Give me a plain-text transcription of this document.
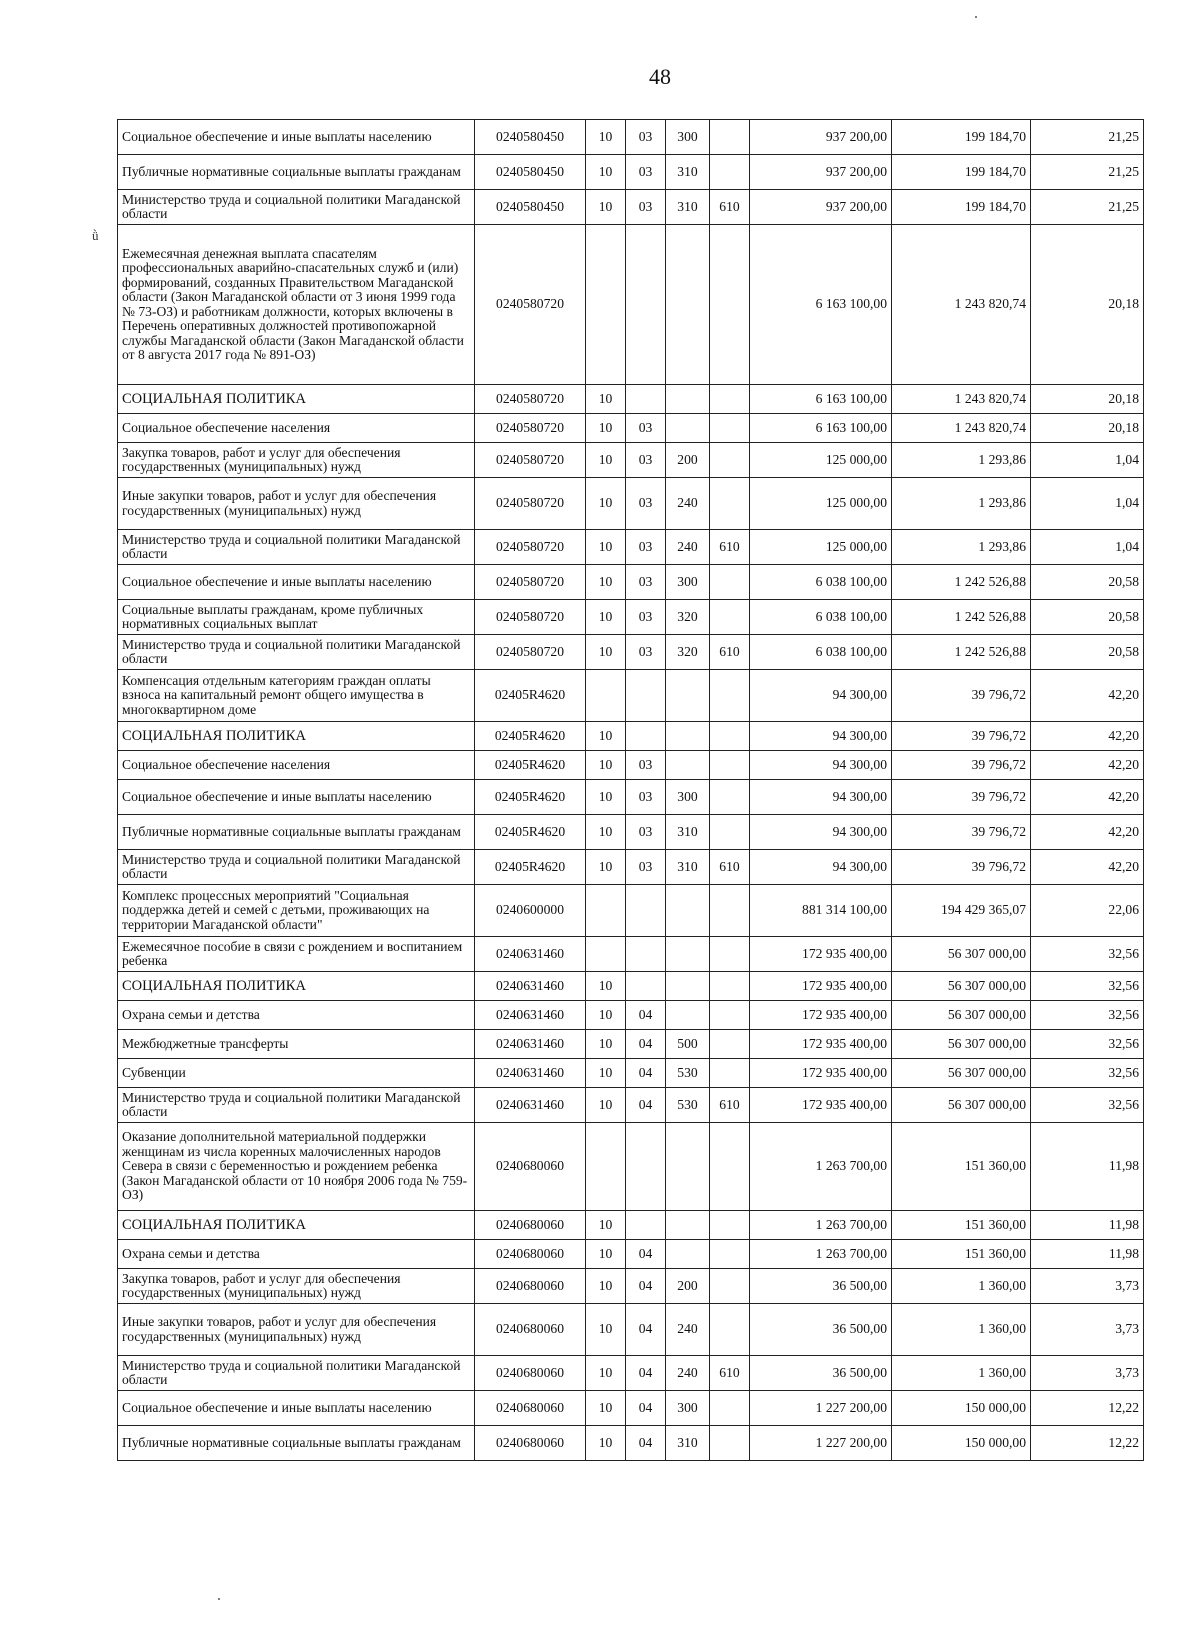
48
ǜ
Социальное обеспечение и иные выплаты населению	0240580450	10	03	300		937 200,00	199 184,70	21,25
Публичные нормативные социальные выплаты гражданам	0240580450	10	03	310		937 200,00	199 184,70	21,25
Министерство труда и социальной политики Магаданской области	0240580450	10	03	310	610	937 200,00	199 184,70	21,25
Ежемесячная денежная выплата спасателям профессиональных аварийно-спасательных служб и (или) формирований, созданных Правительством Магаданской области (Закон Магаданской области от 3 июня 1999 года № 73-ОЗ) и работникам должности, которых включены в Перечень оперативных должностей противопожарной службы Магаданской области (Закон Магаданской области от 8 августа 2017 года № 891-ОЗ)	0240580720					6 163 100,00	1 243 820,74	20,18
СОЦИАЛЬНАЯ ПОЛИТИКА	0240580720	10				6 163 100,00	1 243 820,74	20,18
Социальное обеспечение населения	0240580720	10	03			6 163 100,00	1 243 820,74	20,18
Закупка товаров, работ и услуг для обеспечения государственных (муниципальных) нужд	0240580720	10	03	200		125 000,00	1 293,86	1,04
Иные закупки товаров, работ и услуг для обеспечения государственных (муниципальных) нужд	0240580720	10	03	240		125 000,00	1 293,86	1,04
Министерство труда и социальной политики Магаданской области	0240580720	10	03	240	610	125 000,00	1 293,86	1,04
Социальное обеспечение и иные выплаты населению	0240580720	10	03	300		6 038 100,00	1 242 526,88	20,58
Социальные выплаты гражданам, кроме публичных нормативных социальных выплат	0240580720	10	03	320		6 038 100,00	1 242 526,88	20,58
Министерство труда и социальной политики Магаданской области	0240580720	10	03	320	610	6 038 100,00	1 242 526,88	20,58
Компенсация отдельным категориям граждан оплаты взноса на капитальный ремонт общего имущества в многоквартирном доме	02405R4620					94 300,00	39 796,72	42,20
СОЦИАЛЬНАЯ ПОЛИТИКА	02405R4620	10				94 300,00	39 796,72	42,20
Социальное обеспечение населения	02405R4620	10	03			94 300,00	39 796,72	42,20
Социальное обеспечение и иные выплаты населению	02405R4620	10	03	300		94 300,00	39 796,72	42,20
Публичные нормативные социальные выплаты гражданам	02405R4620	10	03	310		94 300,00	39 796,72	42,20
Министерство труда и социальной политики Магаданской области	02405R4620	10	03	310	610	94 300,00	39 796,72	42,20
Комплекс процессных мероприятий "Социальная поддержка детей и семей с детьми, проживающих на территории Магаданской области"	0240600000					881 314 100,00	194 429 365,07	22,06
Ежемесячное пособие в связи с рождением и воспитанием ребенка	0240631460					172 935 400,00	56 307 000,00	32,56
СОЦИАЛЬНАЯ ПОЛИТИКА	0240631460	10				172 935 400,00	56 307 000,00	32,56
Охрана семьи и детства	0240631460	10	04			172 935 400,00	56 307 000,00	32,56
Межбюджетные трансферты	0240631460	10	04	500		172 935 400,00	56 307 000,00	32,56
Субвенции	0240631460	10	04	530		172 935 400,00	56 307 000,00	32,56
Министерство труда и социальной политики Магаданской области	0240631460	10	04	530	610	172 935 400,00	56 307 000,00	32,56
Оказание дополнительной материальной поддержки женщинам из числа коренных малочисленных народов Севера в связи с беременностью и рождением ребенка (Закон Магаданской области от 10 ноября 2006 года № 759-ОЗ)	0240680060					1 263 700,00	151 360,00	11,98
СОЦИАЛЬНАЯ ПОЛИТИКА	0240680060	10				1 263 700,00	151 360,00	11,98
Охрана семьи и детства	0240680060	10	04			1 263 700,00	151 360,00	11,98
Закупка товаров, работ и услуг для обеспечения государственных (муниципальных) нужд	0240680060	10	04	200		36 500,00	1 360,00	3,73
Иные закупки товаров, работ и услуг для обеспечения государственных (муниципальных) нужд	0240680060	10	04	240		36 500,00	1 360,00	3,73
Министерство труда и социальной политики Магаданской области	0240680060	10	04	240	610	36 500,00	1 360,00	3,73
Социальное обеспечение и иные выплаты населению	0240680060	10	04	300		1 227 200,00	150 000,00	12,22
Публичные нормативные социальные выплаты гражданам	0240680060	10	04	310		1 227 200,00	150 000,00	12,22
